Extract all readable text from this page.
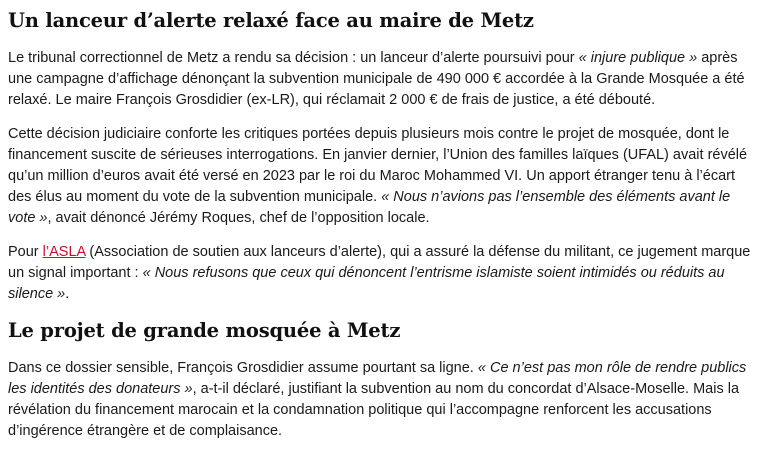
Un lanceur d’alerte relaxé face au maire de Metz

Le tribunal correctionnel de Metz a rendu sa décision : un lanceur d’alerte poursuivi pour « injure publique » après une campagne d’affichage dénonçant la subvention municipale de 490 000 € accordée à la Grande Mosquée a été relaxé. Le maire François Grosdidier (ex-LR), qui réclamait 2 000 € de frais de justice, a été débouté.

Cette décision judiciaire conforte les critiques portées depuis plusieurs mois contre le projet de mosquée, dont le financement suscite de sérieuses interrogations. En janvier dernier, l’Union des familles laïques (UFAL) avait révélé qu’un million d’euros avait été versé en 2023 par le roi du Maroc Mohammed VI. Un apport étranger tenu à l’écart des élus au moment du vote de la subvention municipale. « Nous n’avions pas l’ensemble des éléments avant le vote », avait dénoncé Jérémy Roques, chef de l’opposition locale.

Pour l’ASLA (Association de soutien aux lanceurs d’alerte), qui a assuré la défense du militant, ce jugement marque un signal important : « Nous refusons que ceux qui dénoncent l’entrisme islamiste soient intimidés ou réduits au silence ».

Le projet de grande mosquée à Metz

Dans ce dossier sensible, François Grosdidier assume pourtant sa ligne. « Ce n’est pas mon rôle de rendre publics les identités des donateurs », a-t-il déclaré, justifiant la subvention au nom du concordat d’Alsace-Moselle. Mais la révélation du financement marocain et la condamnation politique qui l’accompagne renforcent les accusations d’ingérence étrangère et de complaisance.
